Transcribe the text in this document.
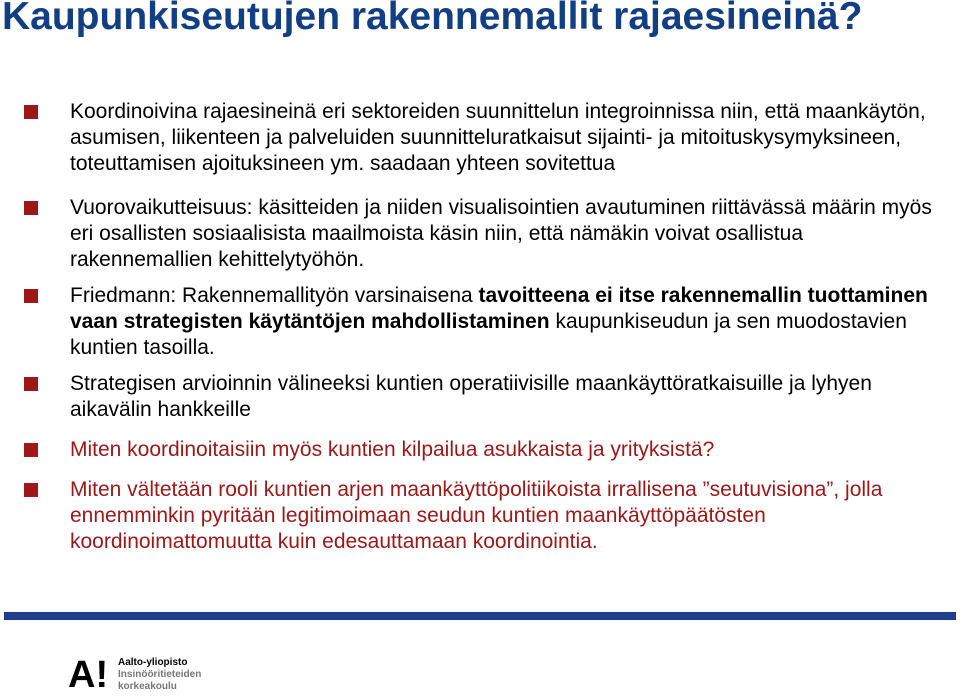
Kaupunkiseutujen rakennemallit rajaesineinä?
Koordinoivina rajaesineinä eri sektoreiden suunnittelun integroinnissa niin, että maankäytön, asumisen, liikenteen ja palveluiden suunnitteluratkaisut sijainti- ja mitoituskysymyksineen, toteuttamisen ajoituksineen ym. saadaan yhteen sovitettua
Vuorovaikutteisuus: käsitteiden ja niiden visualisointien avautuminen riittävässä määrin myös eri osallisten sosiaalisista maailmoista käsin niin, että nämäkin voivat osallistua rakennemallien kehittelytyöhön.
Friedmann: Rakennemallityön varsinaisena tavoitteena ei itse rakennemallin tuottaminen vaan strategisten käytäntöjen mahdollistaminen kaupunkiseudun ja sen muodostavien kuntien tasoilla.
Strategisen arvioinnin välineeksi kuntien operatiivisille maankäyttöratkaisuille ja lyhyen aikavälin hankkeille
Miten koordinoitaisiin myös kuntien kilpailua asukkaista ja yrityksistä?
Miten vältetään rooli kuntien arjen maankäyttöpolitiikoista irrallisena ”seutuvisiona”, jolla ennemminkin pyritään legitimoimaan seudun kuntien maankäyttöpäätösten koordinoimattomuutta kuin edesauttamaan koordinointia.
A! Aalto-yliopisto
Insinööritieteiden
korkeakoulu
